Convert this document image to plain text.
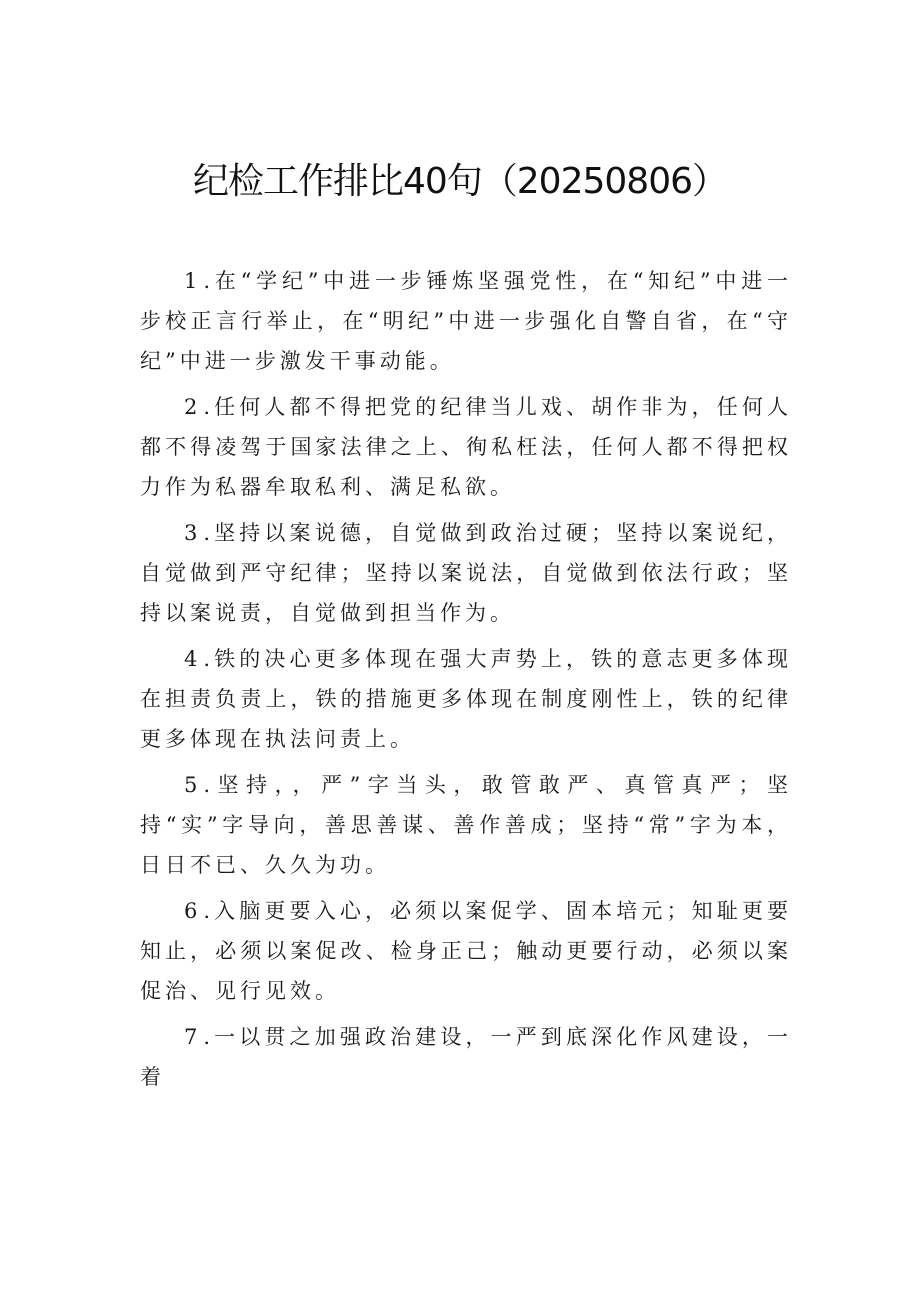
纪检工作排比40句（20250806）

1.在“学纪”中进一步锤炼坚强党性，在“知纪”中进一步校正言行举止，在“明纪”中进一步强化自警自省，在“守纪”中进一步激发干事动能。

2.任何人都不得把党的纪律当儿戏、胡作非为，任何人都不得凌驾于国家法律之上、徇私枉法，任何人都不得把权力作为私器牟取私利、满足私欲。

3.坚持以案说德，自觉做到政治过硬；坚持以案说纪，自觉做到严守纪律；坚持以案说法，自觉做到依法行政；坚持以案说责，自觉做到担当作为。

4.铁的决心更多体现在强大声势上，铁的意志更多体现在担责负责上，铁的措施更多体现在制度刚性上，铁的纪律更多体现在执法问责上。

5.坚持，，严”字当头，敢管敢严、真管真严；坚持“实”字导向，善思善谋、善作善成；坚持“常”字为本，日日不已、久久为功。

6.入脑更要入心，必须以案促学、固本培元；知耻更要知止，必须以案促改、检身正己；触动更要行动，必须以案促治、见行见效。

7.一以贯之加强政治建设，一严到底深化作风建设，一着
